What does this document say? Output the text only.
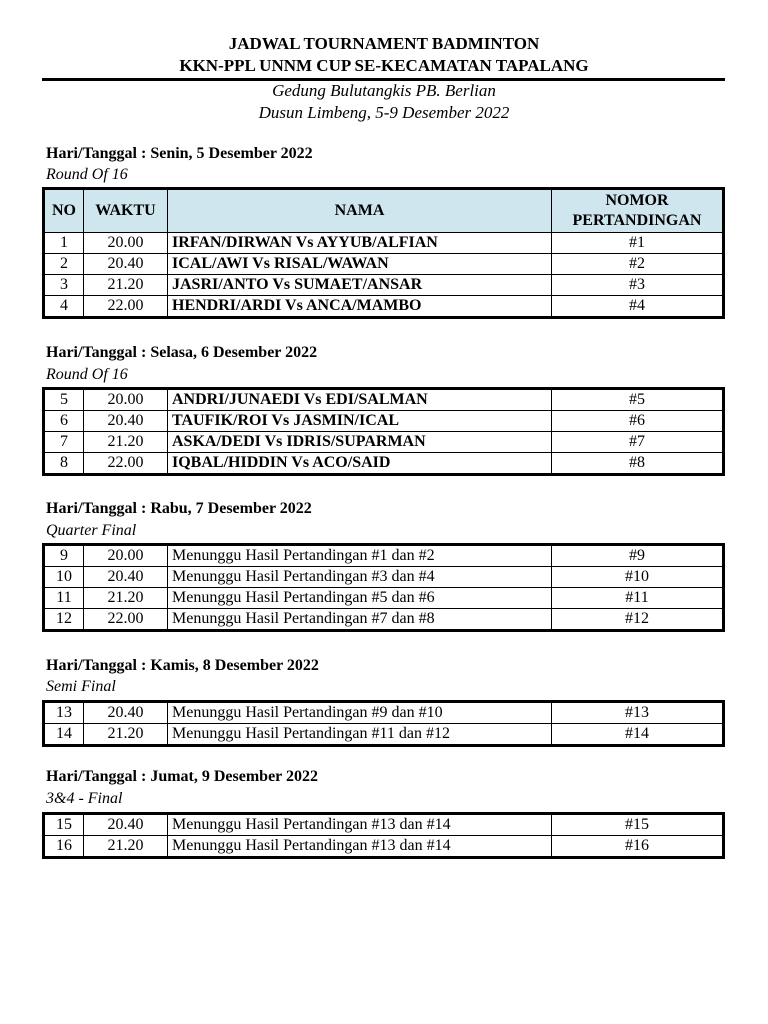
JADWAL TOURNAMENT BADMINTON
KKN-PPL UNNM CUP SE-KECAMATAN TAPALANG
Gedung Bulutangkis PB. Berlian
Dusun Limbeng, 5-9 Desember 2022
Hari/Tanggal : Senin, 5 Desember 2022
Round Of 16
NO	WAKTU	NAMA	NOMOR
PERTANDINGAN

1	20.00	IRFAN/DIRWAN Vs AYYUB/ALFIAN	#1
2	20.40	ICAL/AWI Vs RISAL/WAWAN	#2
3	21.20	JASRI/ANTO Vs SUMAET/ANSAR	#3
4	22.00	HENDRI/ARDI Vs ANCA/MAMBO	#4
Hari/Tanggal : Selasa, 6 Desember 2022
Round Of 16
5	20.00	ANDRI/JUNAEDI Vs EDI/SALMAN	#5
6	20.40	TAUFIK/ROI Vs JASMIN/ICAL	#6
7	21.20	ASKA/DEDI Vs IDRIS/SUPARMAN	#7
8	22.00	IQBAL/HIDDIN Vs ACO/SAID	#8
Hari/Tanggal : Rabu, 7 Desember 2022
Quarter Final
9	20.00	Menunggu Hasil Pertandingan #1 dan #2	#9
10	20.40	Menunggu Hasil Pertandingan #3 dan #4	#10
11	21.20	Menunggu Hasil Pertandingan #5 dan #6	#11
12	22.00	Menunggu Hasil Pertandingan #7 dan #8	#12
Hari/Tanggal : Kamis, 8 Desember 2022
Semi Final
13	20.40	Menunggu Hasil Pertandingan #9 dan #10	#13
14	21.20	Menunggu Hasil Pertandingan #11 dan #12	#14
Hari/Tanggal : Jumat, 9 Desember 2022
3&4 - Final
15	20.40	Menunggu Hasil Pertandingan #13 dan #14	#15
16	21.20	Menunggu Hasil Pertandingan #13 dan #14	#16
